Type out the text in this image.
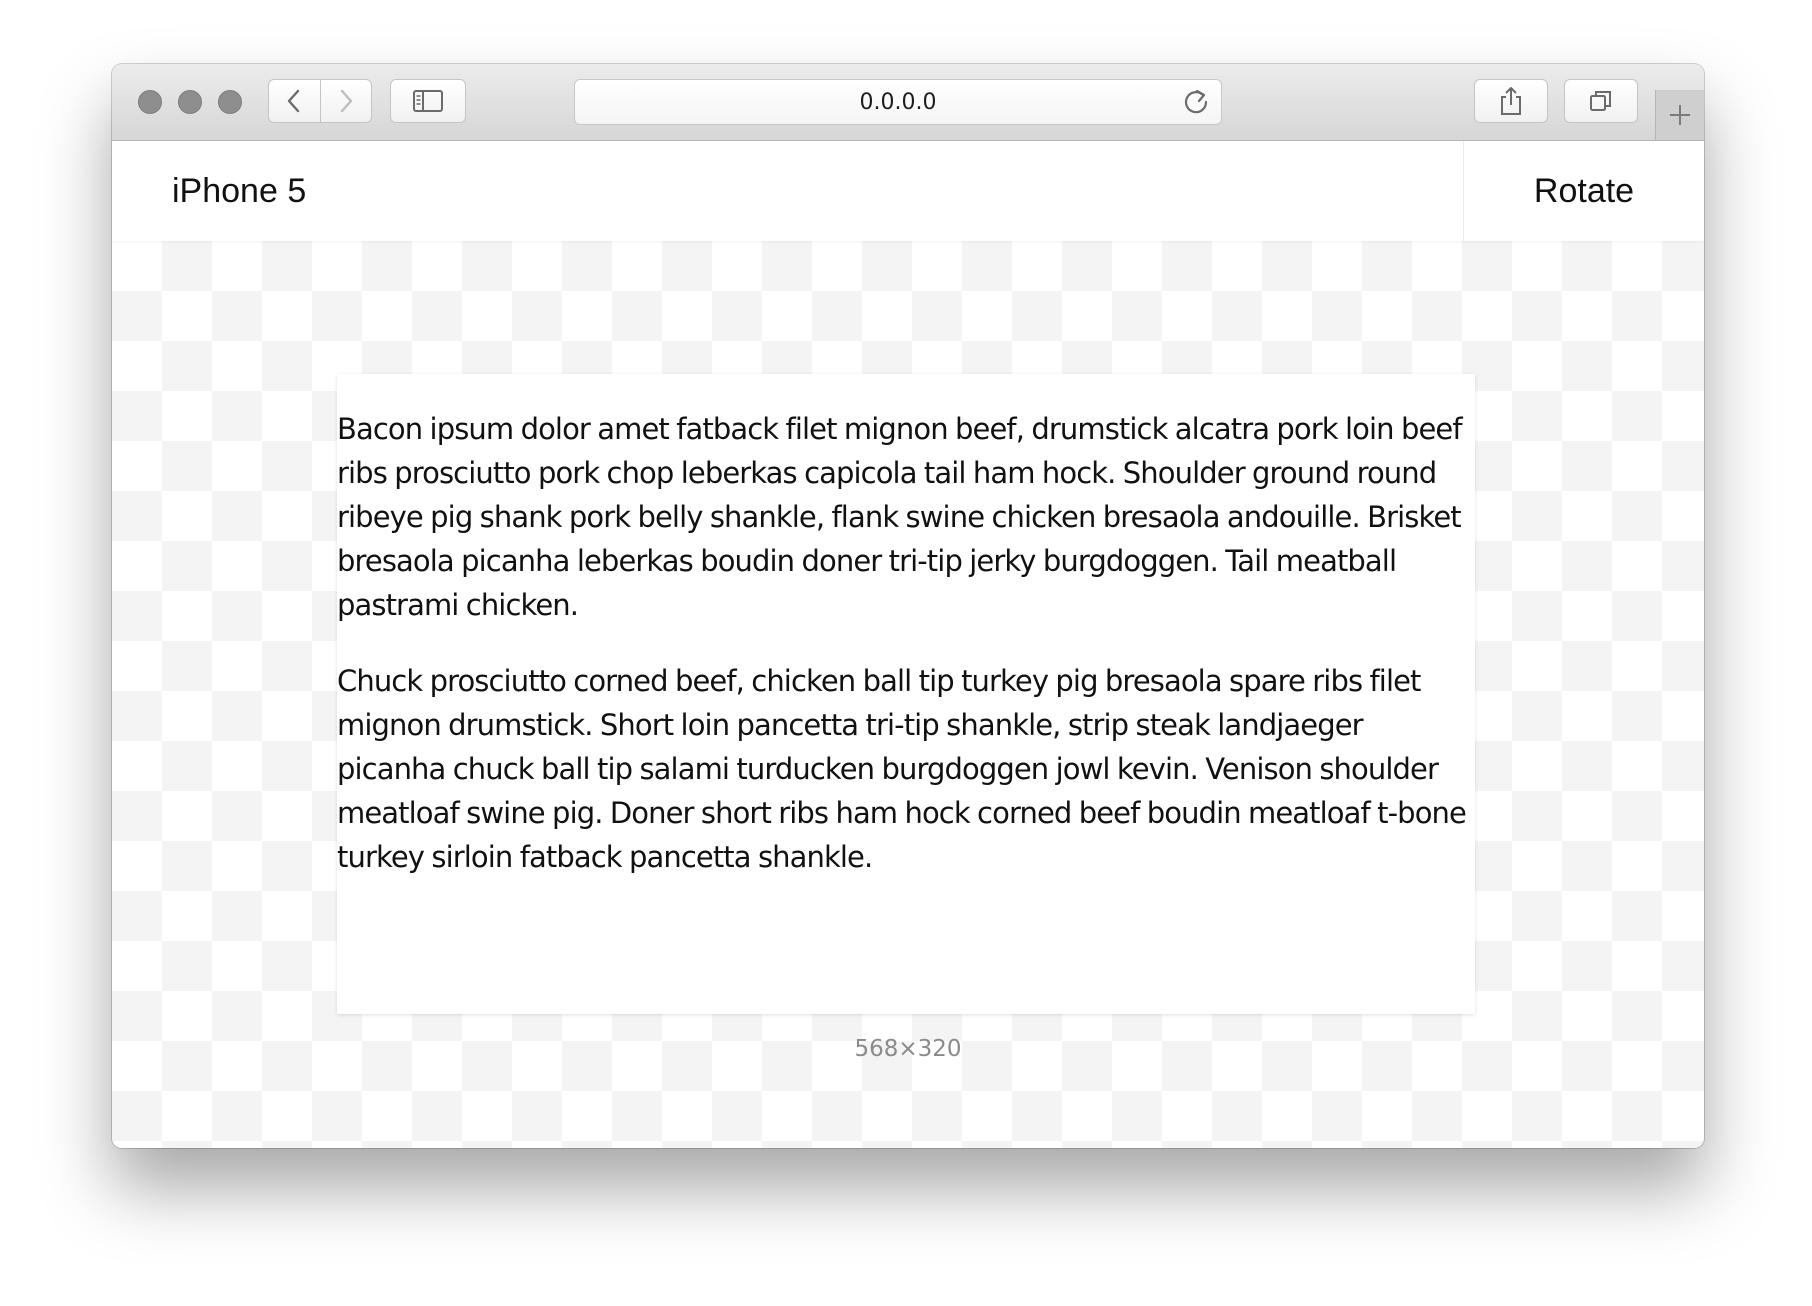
0.0.0.0
iPhone 5	Rotate

Bacon ipsum dolor amet fatback filet mignon beef, drumstick alcatra pork loin beef ribs prosciutto pork chop leberkas capicola tail ham hock. Shoulder ground round ribeye pig shank pork belly shankle, flank swine chicken bresaola andouille. Brisket bresaola picanha leberkas boudin doner tri-tip jerky burgdoggen. Tail meatball pastrami chicken.

Chuck prosciutto corned beef, chicken ball tip turkey pig bresaola spare ribs filet mignon drumstick. Short loin pancetta tri-tip shankle, strip steak landjaeger picanha chuck ball tip salami turducken burgdoggen jowl kevin. Venison shoulder meatloaf swine pig. Doner short ribs ham hock corned beef boudin meatloaf t-bone turkey sirloin fatback pancetta shankle.

568×320
